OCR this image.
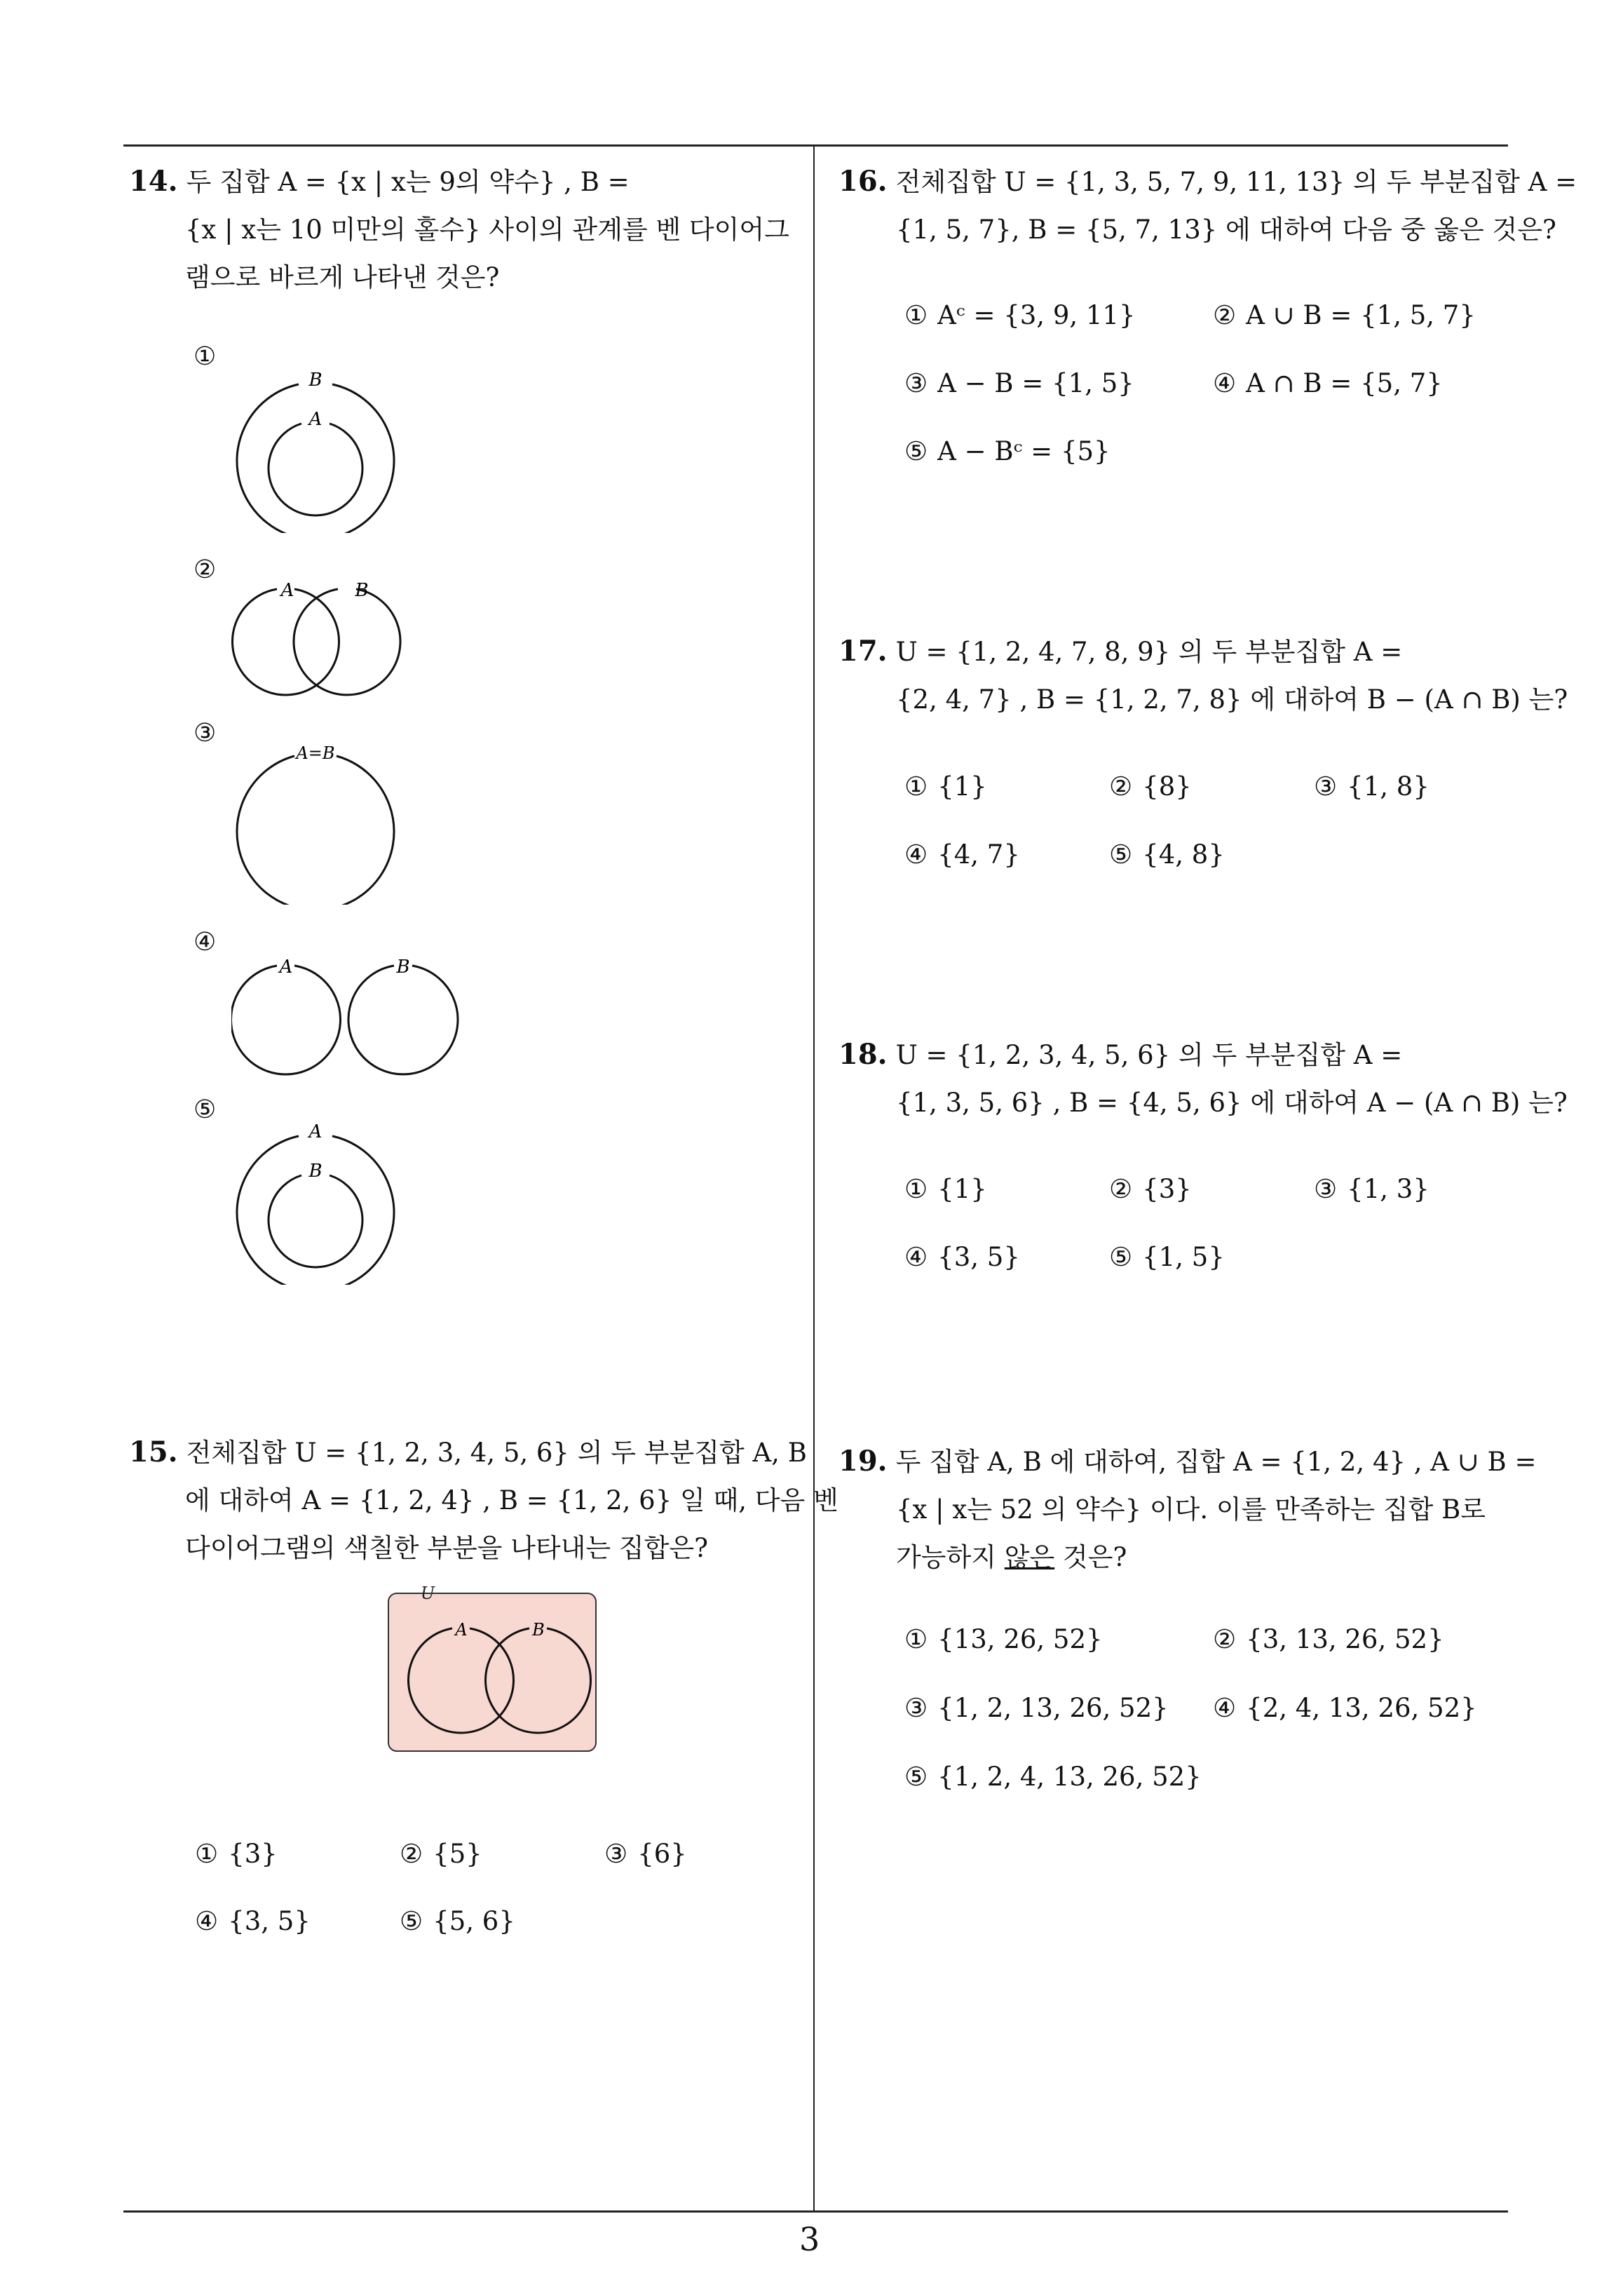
14. 두 집합 A = {x | x는 9의 약수} , B =
{x | x는 10 미만의 홀수} 사이의 관계를 벤 다이어그
램으로 바르게 나타낸 것은?
①
B
A
②
A	B
③
A=B
④
A	B
⑤
A
B
15. 전체집합 U = {1, 2, 3, 4, 5, 6} 의 두 부분집합 A, B
에 대하여 A = {1, 2, 4} , B = {1, 2, 6} 일 때, 다음 벤
다이어그램의 색칠한 부분을 나타내는 집합은?
U
A	B
① {3}	② {5}	③ {6}
④ {3, 5}	⑤ {5, 6}
16. 전체집합 U = {1, 3, 5, 7, 9, 11, 13} 의 두 부분집합 A =
{1, 5, 7}, B = {5, 7, 13} 에 대하여 다음 중 옳은 것은?
① Aᶜ = {3, 9, 11}	② A ∪ B = {1, 5, 7}
③ A − B = {1, 5}	④ A ∩ B = {5, 7}
⑤ A − Bᶜ = {5}
17. U = {1, 2, 4, 7, 8, 9} 의 두 부분집합 A =
{2, 4, 7} , B = {1, 2, 7, 8} 에 대하여 B − (A ∩ B) 는?
① {1}	② {8}	③ {1, 8}
④ {4, 7}	⑤ {4, 8}
18. U = {1, 2, 3, 4, 5, 6} 의 두 부분집합 A =
{1, 3, 5, 6} , B = {4, 5, 6} 에 대하여 A − (A ∩ B) 는?
① {1}	② {3}	③ {1, 3}
④ {3, 5}	⑤ {1, 5}
19. 두 집합 A, B 에 대하여, 집합 A = {1, 2, 4} , A ∪ B =
{x | x는 52 의 약수} 이다. 이를 만족하는 집합 B로
가능하지 않은 것은?
① {13, 26, 52}	② {3, 13, 26, 52}
③ {1, 2, 13, 26, 52} ④ {2, 4, 13, 26, 52}
⑤ {1, 2, 4, 13, 26, 52}
3
